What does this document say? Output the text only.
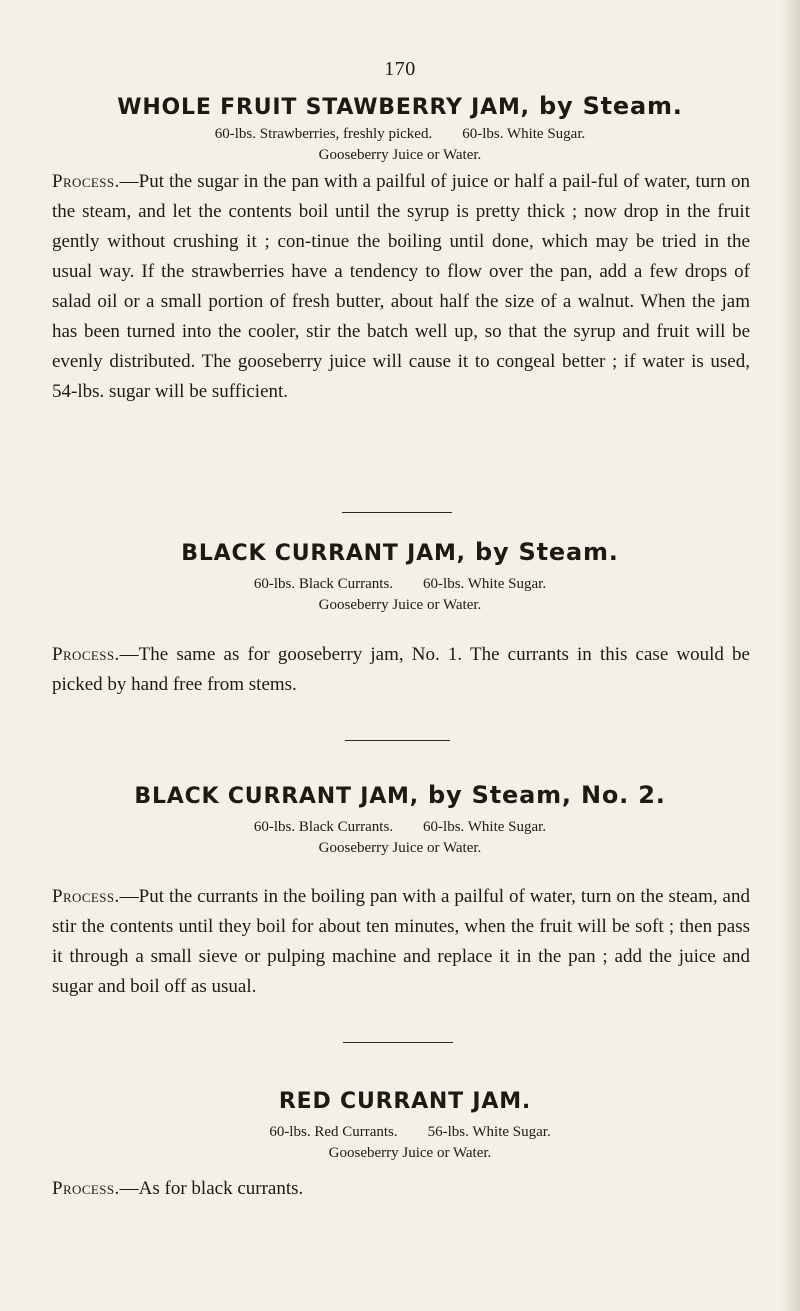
170
WHOLE FRUIT STAWBERRY JAM, by Steam.
60-lbs. Strawberries, freshly picked. 60-lbs. White Sugar.
Gooseberry Juice or Water.
Process.—Put the sugar in the pan with a pailful of juice or half a pail-ful of water, turn on the steam, and let the contents boil until the syrup is pretty thick ; now drop in the fruit gently without crushing it ; con-tinue the boiling until done, which may be tried in the usual way. If the strawberries have a tendency to flow over the pan, add a few drops of salad oil or a small portion of fresh butter, about half the size of a walnut. When the jam has been turned into the cooler, stir the batch well up, so that the syrup and fruit will be evenly distributed. The gooseberry juice will cause it to congeal better ; if water is used, 54-lbs. sugar will be sufficient.
BLACK CURRANT JAM, by Steam.
60-lbs. Black Currants. 60-lbs. White Sugar.
Gooseberry Juice or Water.
Process.—The same as for gooseberry jam, No. 1. The currants in this case would be picked by hand free from stems.
BLACK CURRANT JAM, by Steam, No. 2.
60-lbs. Black Currants. 60-lbs. White Sugar.
Gooseberry Juice or Water.
Process.—Put the currants in the boiling pan with a pailful of water, turn on the steam, and stir the contents until they boil for about ten minutes, when the fruit will be soft ; then pass it through a small sieve or pulping machine and replace it in the pan ; add the juice and sugar and boil off as usual.
RED CURRANT JAM.
60-lbs. Red Currants. 56-lbs. White Sugar.
Gooseberry Juice or Water.
Process.—As for black currants.
